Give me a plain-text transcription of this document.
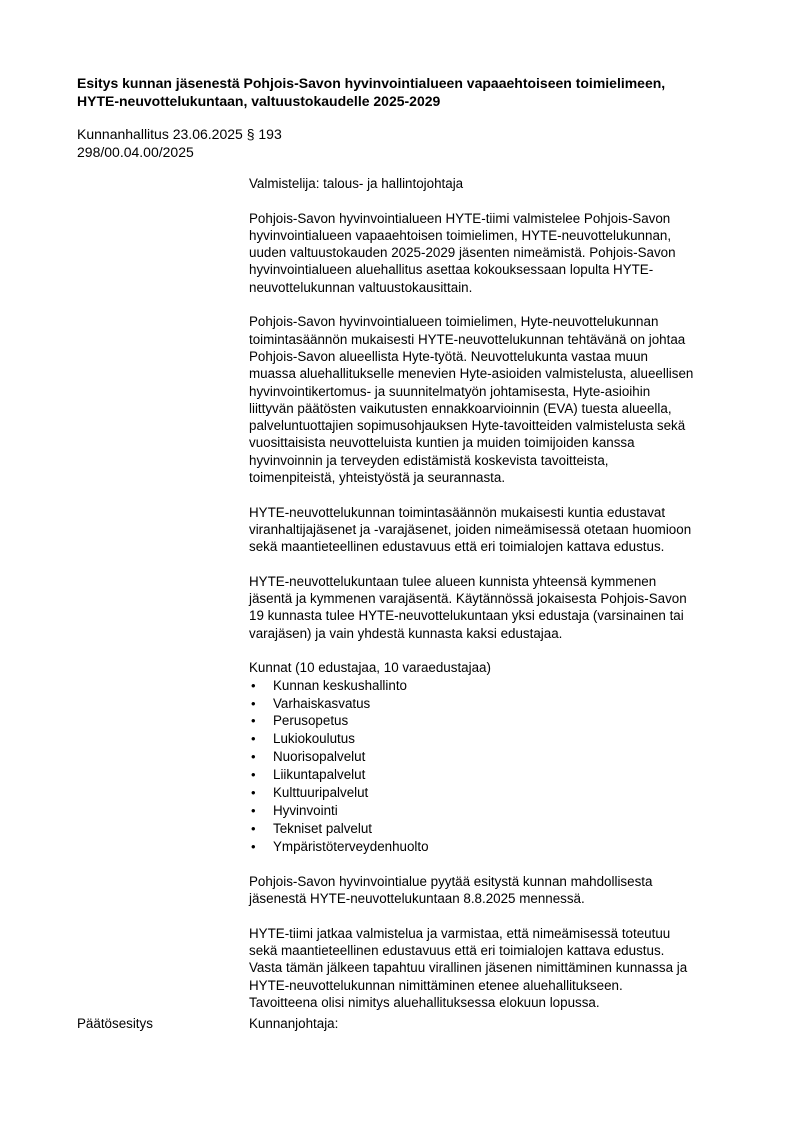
Esitys kunnan jäsenestä Pohjois-Savon hyvinvointialueen vapaaehtoiseen toimielimeen,
HYTE-neuvottelukuntaan, valtuustokaudelle 2025-2029
Kunnanhallitus 23.06.2025 § 193
298/00.04.00/2025

Valmistelija: talous- ja hallintojohtaja

Pohjois-Savon hyvinvointialueen HYTE-tiimi valmistelee Pohjois-Savon
hyvinvointialueen vapaaehtoisen toimielimen, HYTE-neuvottelukunnan,
uuden valtuustokauden 2025-2029 jäsenten nimeämistä. Pohjois-Savon
hyvinvointialueen aluehallitus asettaa kokouksessaan lopulta HYTE-
neuvottelukunnan valtuustokausittain.

Pohjois-Savon hyvinvointialueen toimielimen, Hyte-neuvottelukunnan
toimintasäännön mukaisesti HYTE-neuvottelukunnan tehtävänä on johtaa
Pohjois-Savon alueellista Hyte-työtä. Neuvottelukunta vastaa muun
muassa aluehallitukselle menevien Hyte-asioiden valmistelusta, alueellisen
hyvinvointikertomus- ja suunnitelmatyön johtamisesta, Hyte-asioihin
liittyvän päätösten vaikutusten ennakkoarvioinnin (EVA) tuesta alueella,
palveluntuottajien sopimusohjauksen Hyte-tavoitteiden valmistelusta sekä
vuosittaisista neuvotteluista kuntien ja muiden toimijoiden kanssa
hyvinvoinnin ja terveyden edistämistä koskevista tavoitteista,
toimenpiteistä, yhteistyöstä ja seurannasta.

HYTE-neuvottelukunnan toimintasäännön mukaisesti kuntia edustavat
viranhaltijajäsenet ja -varajäsenet, joiden nimeämisessä otetaan huomioon
sekä maantieteellinen edustavuus että eri toimialojen kattava edustus.

HYTE-neuvottelukuntaan tulee alueen kunnista yhteensä kymmenen
jäsentä ja kymmenen varajäsentä. Käytännössä jokaisesta Pohjois-Savon
19 kunnasta tulee HYTE-neuvottelukuntaan yksi edustaja (varsinainen tai
varajäsen) ja vain yhdestä kunnasta kaksi edustajaa.

Kunnat (10 edustajaa, 10 varaedustajaa)
• Kunnan keskushallinto
• Varhaiskasvatus
• Perusopetus
• Lukiokoulutus
• Nuorisopalvelut
• Liikuntapalvelut
• Kulttuuripalvelut
• Hyvinvointi
• Tekniset palvelut
• Ympäristöterveydenhuolto

Pohjois-Savon hyvinvointialue pyytää esitystä kunnan mahdollisesta
jäsenestä HYTE-neuvottelukuntaan 8.8.2025 mennessä.

HYTE-tiimi jatkaa valmistelua ja varmistaa, että nimeämisessä toteutuu
sekä maantieteellinen edustavuus että eri toimialojen kattava edustus.
Vasta tämän jälkeen tapahtuu virallinen jäsenen nimittäminen kunnassa ja
HYTE-neuvottelukunnan nimittäminen etenee aluehallitukseen.
Tavoitteena olisi nimitys aluehallituksessa elokuun lopussa.

Päätösesitys	Kunnanjohtaja:
